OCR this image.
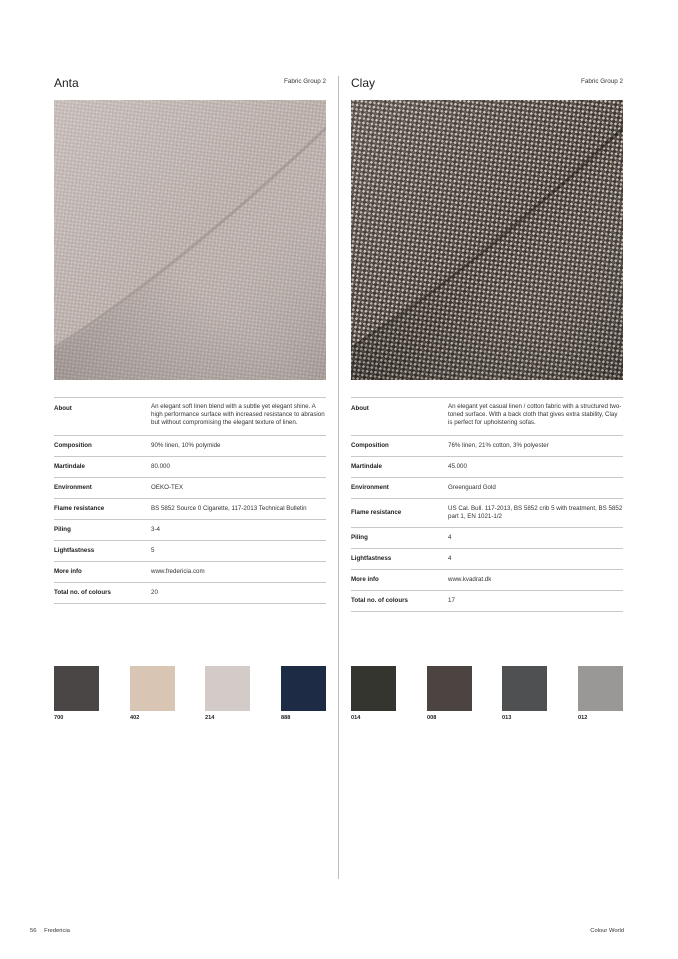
Anta	Fabric Group 2
About	An elegant soft linen blend with a subtle yet elegant shine. A high performance surface with increased resistance to abrasion but without compromising the elegant texture of linen.
Composition	90% linen, 10% polymide
Martindale	80.000
Environment	OEKO-TEX
Flame resistance	BS 5852 Source 0 Cigarette, 117-2013 Technical Bulletin
Piling	3-4
Lightfastness	5
More info	www.fredericia.com
Total no. of colours	20
700	402	214	888
Clay	Fabric Group 2
About	An elegant yet casual linen / cotton fabric with a structured two-toned surface. With a back cloth that gives extra stability, Clay is perfect for upholstering sofas.
Composition	76% linen, 21% cotton, 3% polyester
Martindale	45.000
Environment	Greenguard Gold
Flame resistance	US Cal. Bull. 117-2013, BS 5852 crib 5 with treatment, BS 5852 part 1, EN 1021-1/2
Piling	4
Lightfastness	4
More info	www.kvadrat.dk
Total no. of colours	17
014	008	013	012
56 Fredericia	Colour World
